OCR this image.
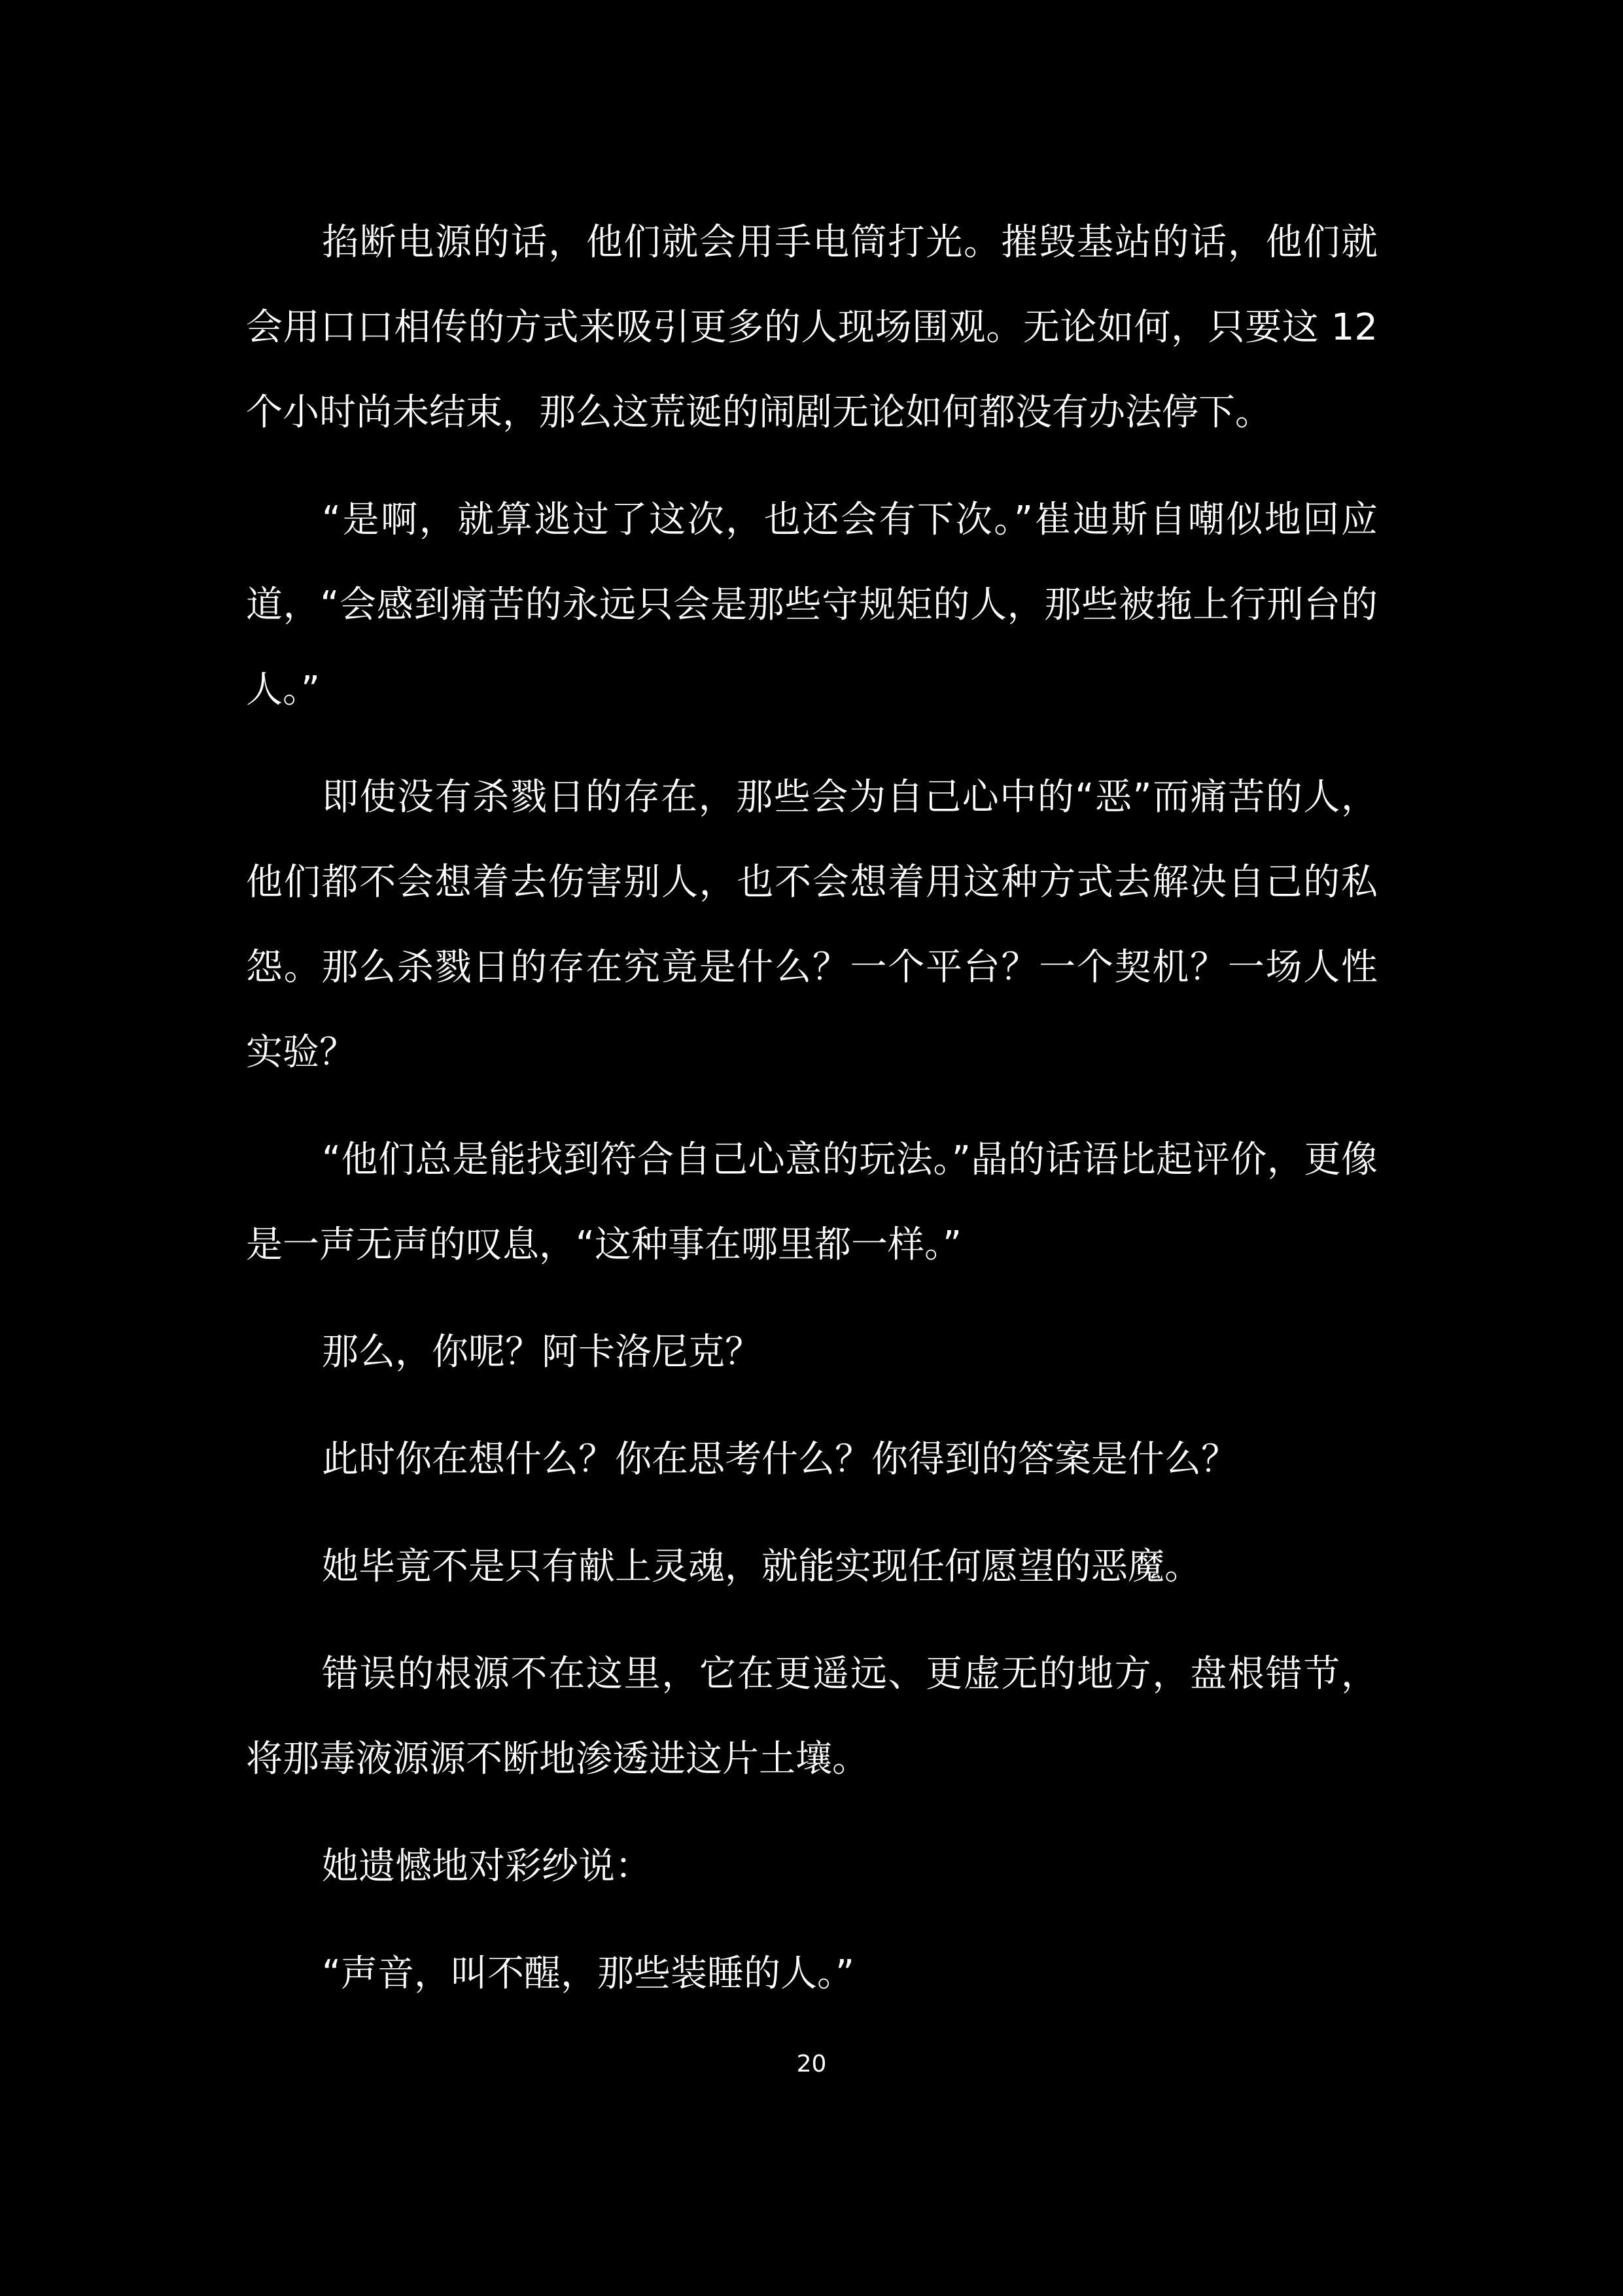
掐断电源的话，他们就会用手电筒打光。摧毁基站的话，他们就会用口口相传的方式来吸引更多的人现场围观。无论如何，只要这 12 个小时尚未结束，那么这荒诞的闹剧无论如何都没有办法停下。

“是啊，就算逃过了这次，也还会有下次。”崔迪斯自嘲似地回应道，“会感到痛苦的永远只会是那些守规矩的人，那些被拖上行刑台的人。”

即使没有杀戮日的存在，那些会为自己心中的“恶”而痛苦的人，他们都不会想着去伤害别人，也不会想着用这种方式去解决自己的私怨。那么杀戮日的存在究竟是什么？一个平台？一个契机？一场人性实验？

“他们总是能找到符合自己心意的玩法。”晶的话语比起评价，更像是一声无声的叹息，“这种事在哪里都一样。”

那么，你呢？阿卡洛尼克？

此时你在想什么？你在思考什么？你得到的答案是什么？

她毕竟不是只有献上灵魂，就能实现任何愿望的恶魔。

错误的根源不在这里，它在更遥远、更虚无的地方，盘根错节，将那毒液源源不断地渗透进这片土壤。

她遗憾地对彩纱说：

“声音，叫不醒，那些装睡的人。”

20
